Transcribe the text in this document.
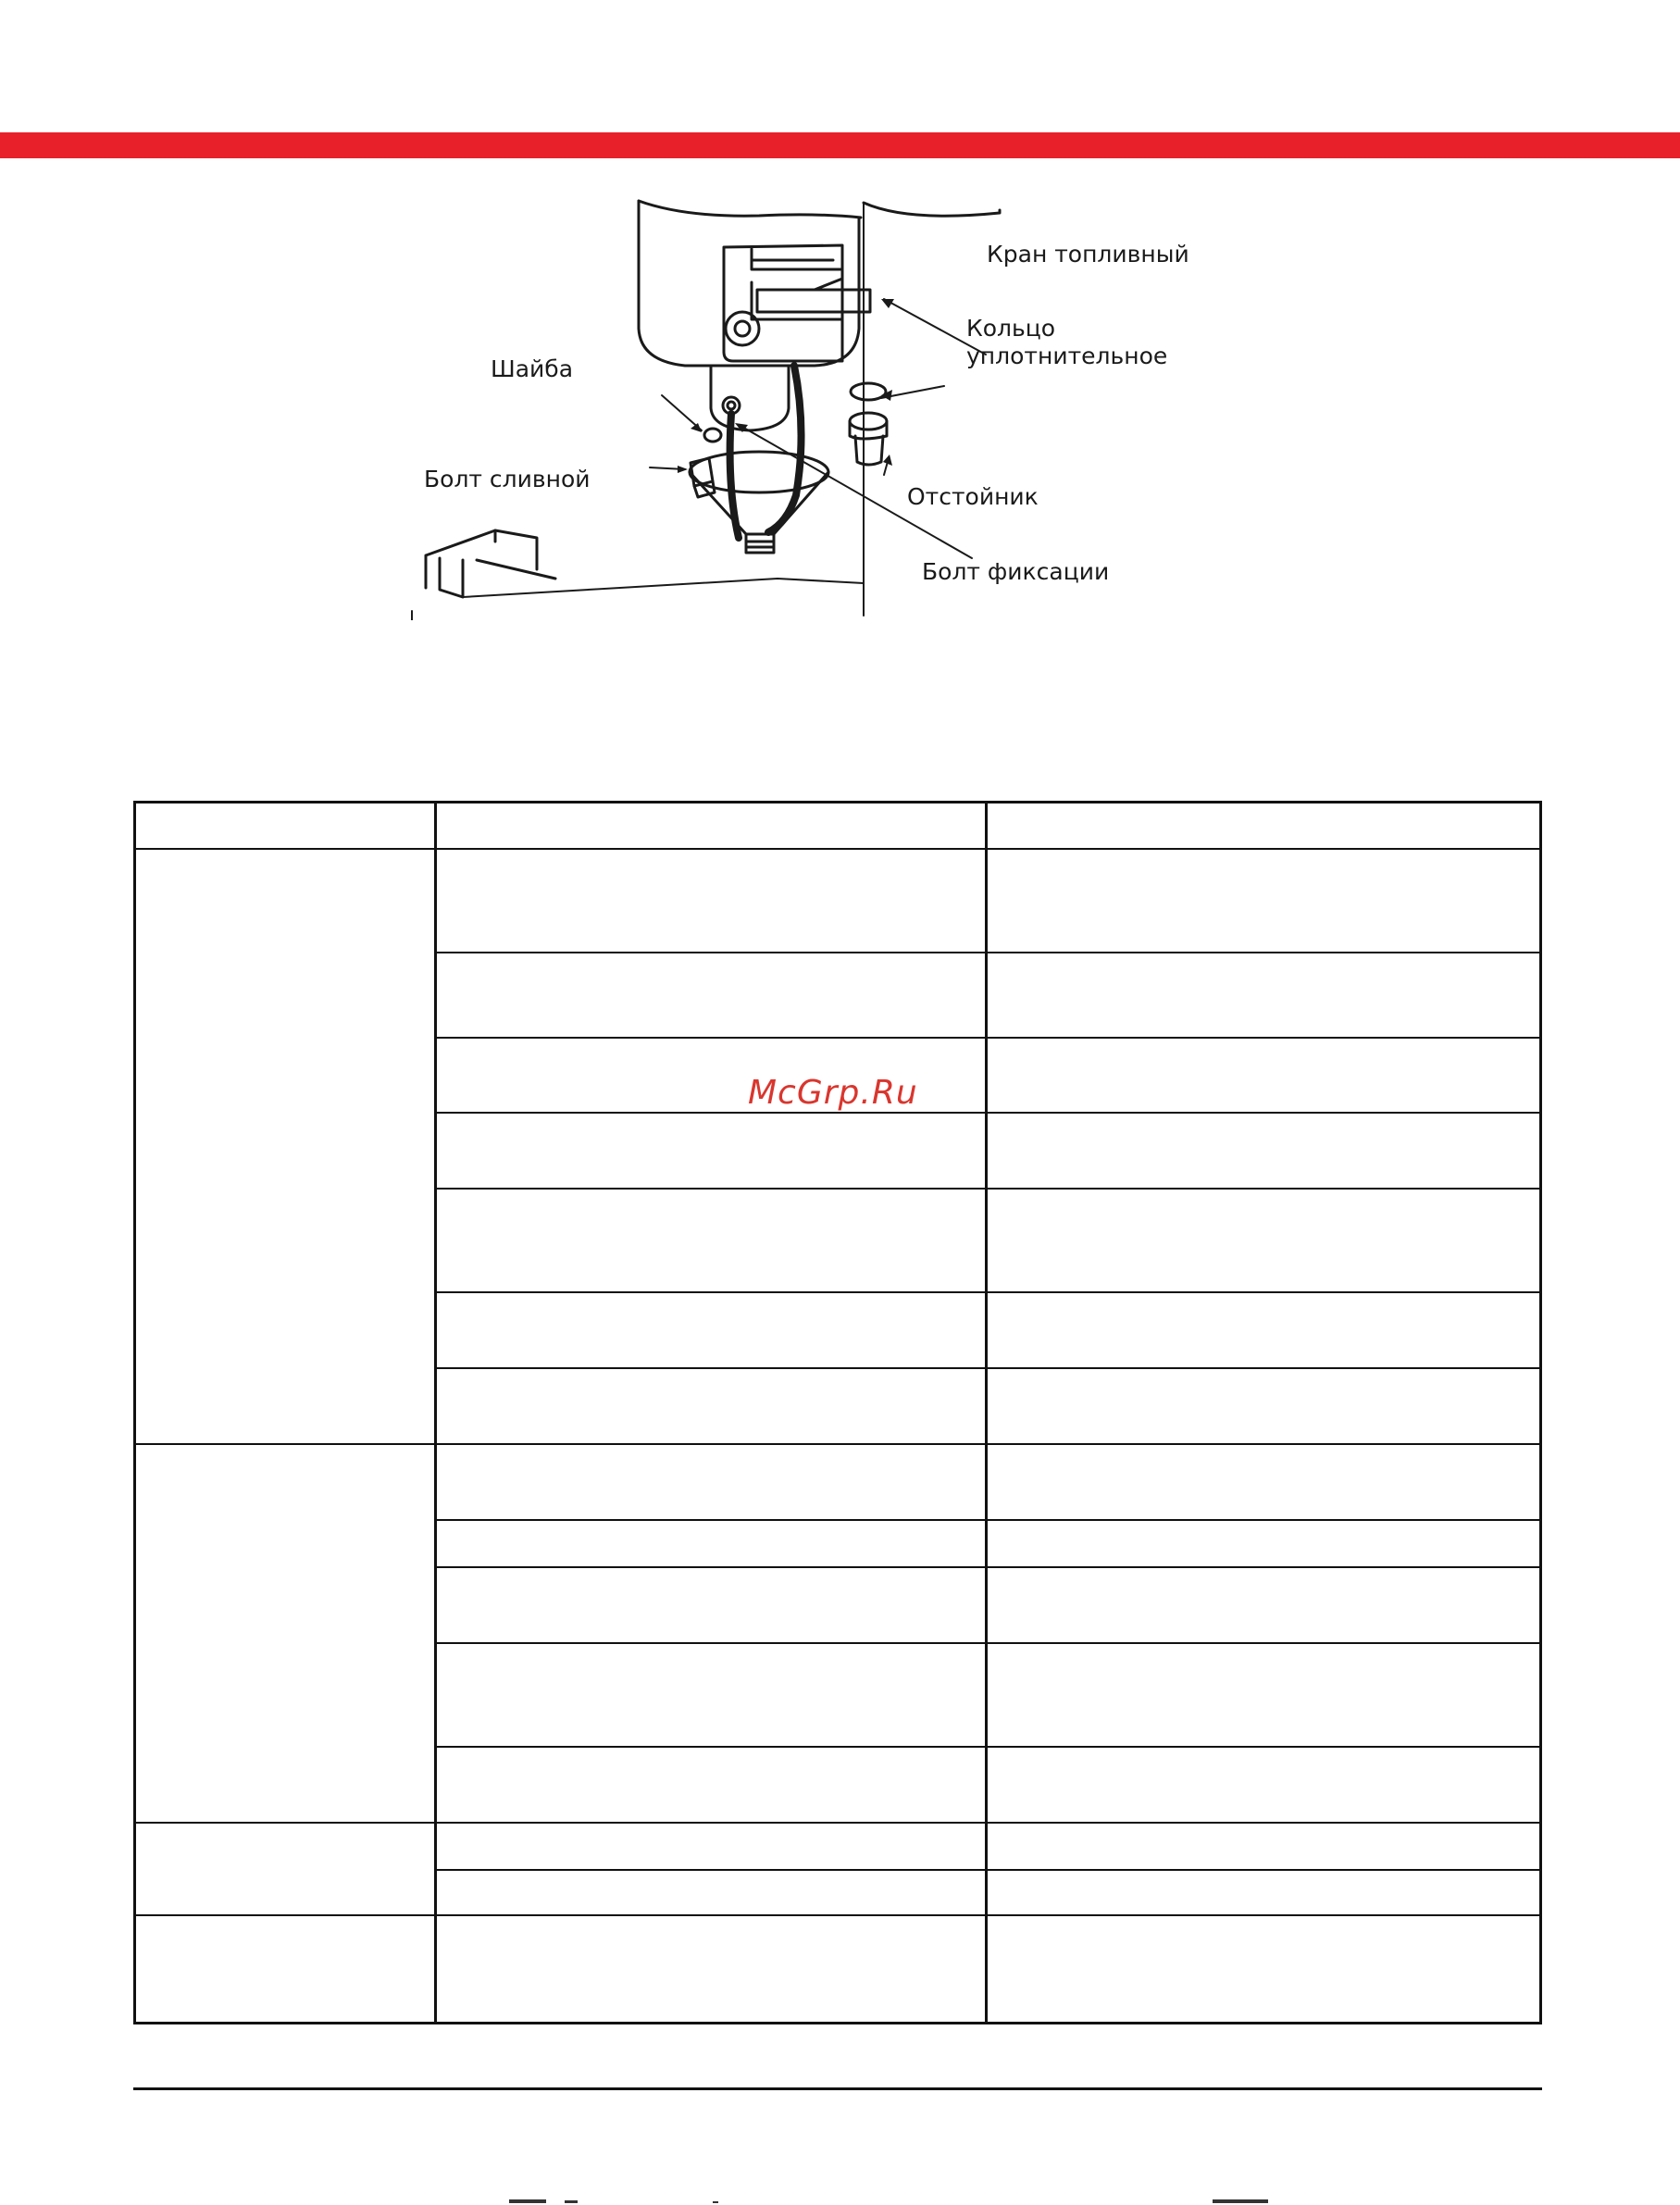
Кран топливный
Кольцо
уплотнительное
Шайба
Болт сливной
Отстойник
Болт фиксации
McGrp.Ru
